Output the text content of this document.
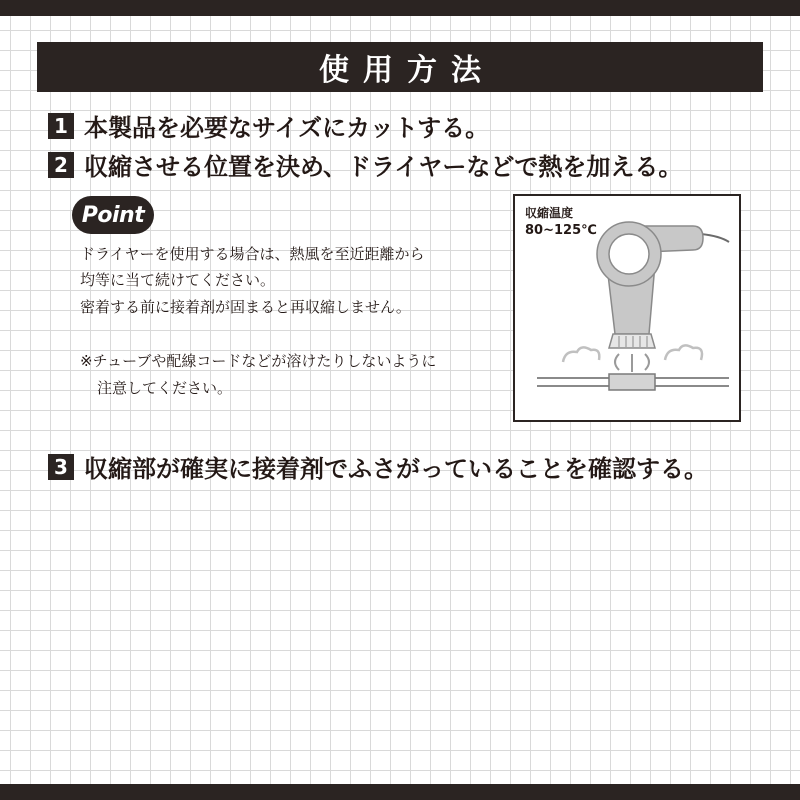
使用方法
1 本製品を必要なサイズにカットする。
2 収縮させる位置を決め、ドライヤーなどで熱を加える。
Point
ドライヤーを使用する場合は、熱風を至近距離から
均等に当て続けてください。
密着する前に接着剤が固まると再収縮しません。
※チューブや配線コードなどが溶けたりしないように
注意してください。
収縮温度
80~125℃
3 収縮部が確実に接着剤でふさがっていることを確認する。
